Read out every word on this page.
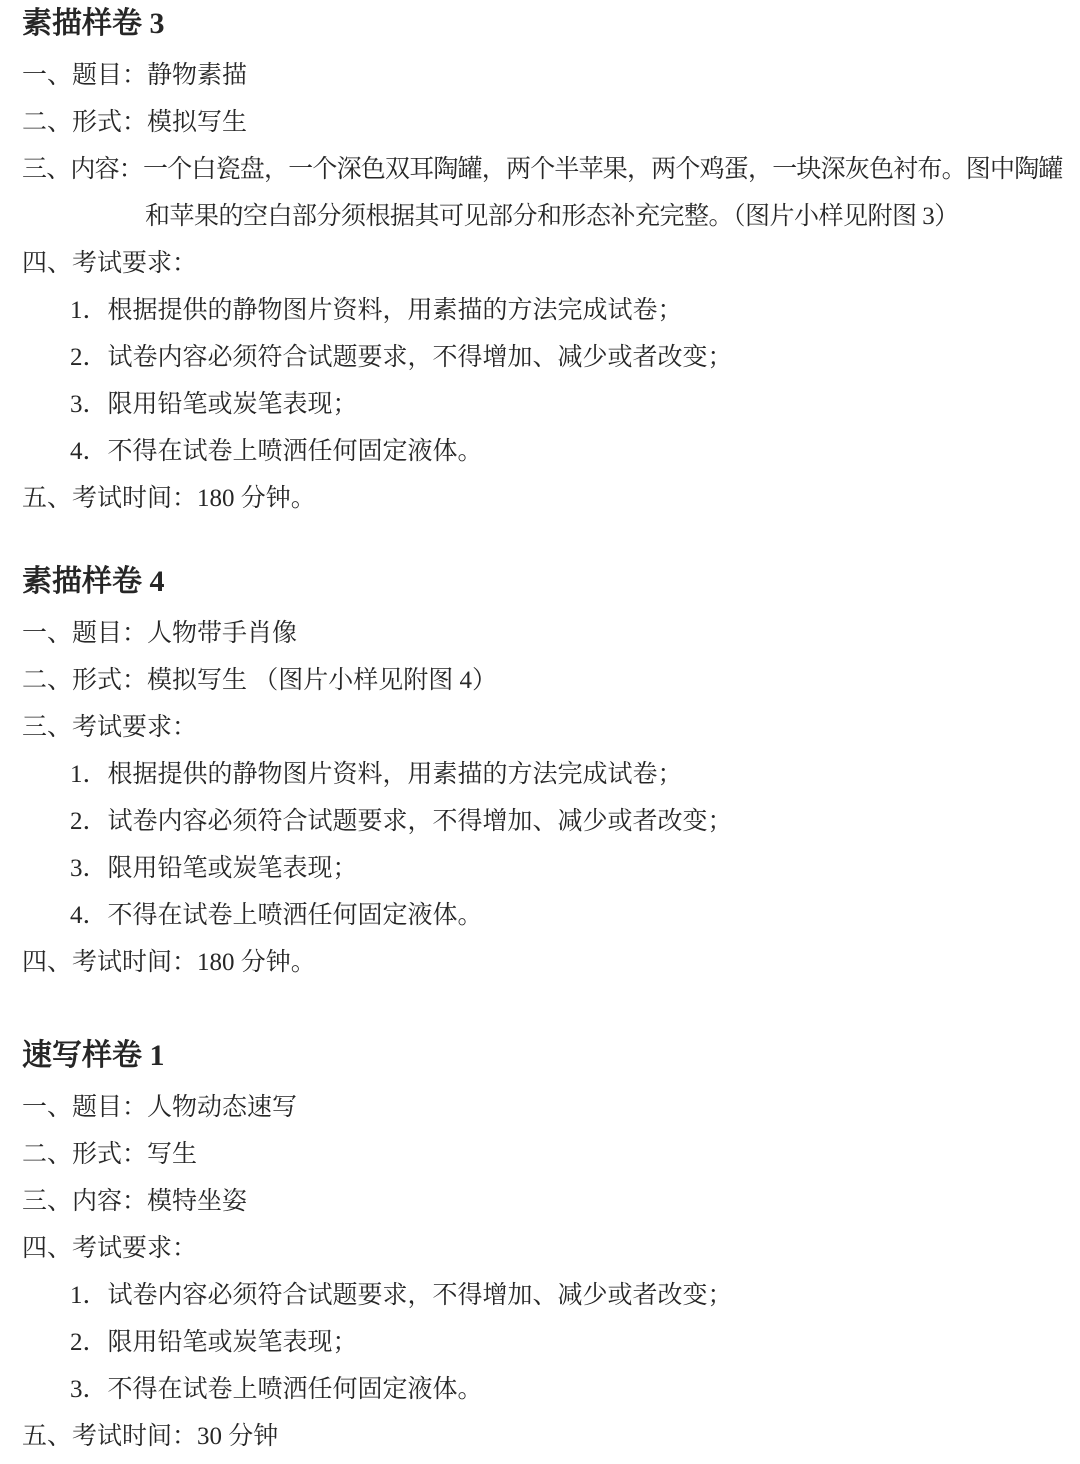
素描样卷 3
一、题目：静物素描
二、形式：模拟写生
三、内容：一个白瓷盘，一个深色双耳陶罐，两个半苹果，两个鸡蛋，一块深灰色衬布。图中陶罐
和苹果的空白部分须根据其可见部分和形态补充完整。（图片小样见附图 3）
四、考试要求：
1．根据提供的静物图片资料，用素描的方法完成试卷；
2．试卷内容必须符合试题要求，不得增加、减少或者改变；
3．限用铅笔或炭笔表现；
4．不得在试卷上喷洒任何固定液体。
五、考试时间：180 分钟。
素描样卷 4
一、题目：人物带手肖像
二、形式：模拟写生 （图片小样见附图 4）
三、考试要求：
1．根据提供的静物图片资料，用素描的方法完成试卷；
2．试卷内容必须符合试题要求，不得增加、减少或者改变；
3．限用铅笔或炭笔表现；
4．不得在试卷上喷洒任何固定液体。
四、考试时间：180 分钟。
速写样卷 1
一、题目：人物动态速写
二、形式：写生
三、内容：模特坐姿
四、考试要求：
1．试卷内容必须符合试题要求，不得增加、减少或者改变；
2．限用铅笔或炭笔表现；
3．不得在试卷上喷洒任何固定液体。
五、考试时间：30 分钟
